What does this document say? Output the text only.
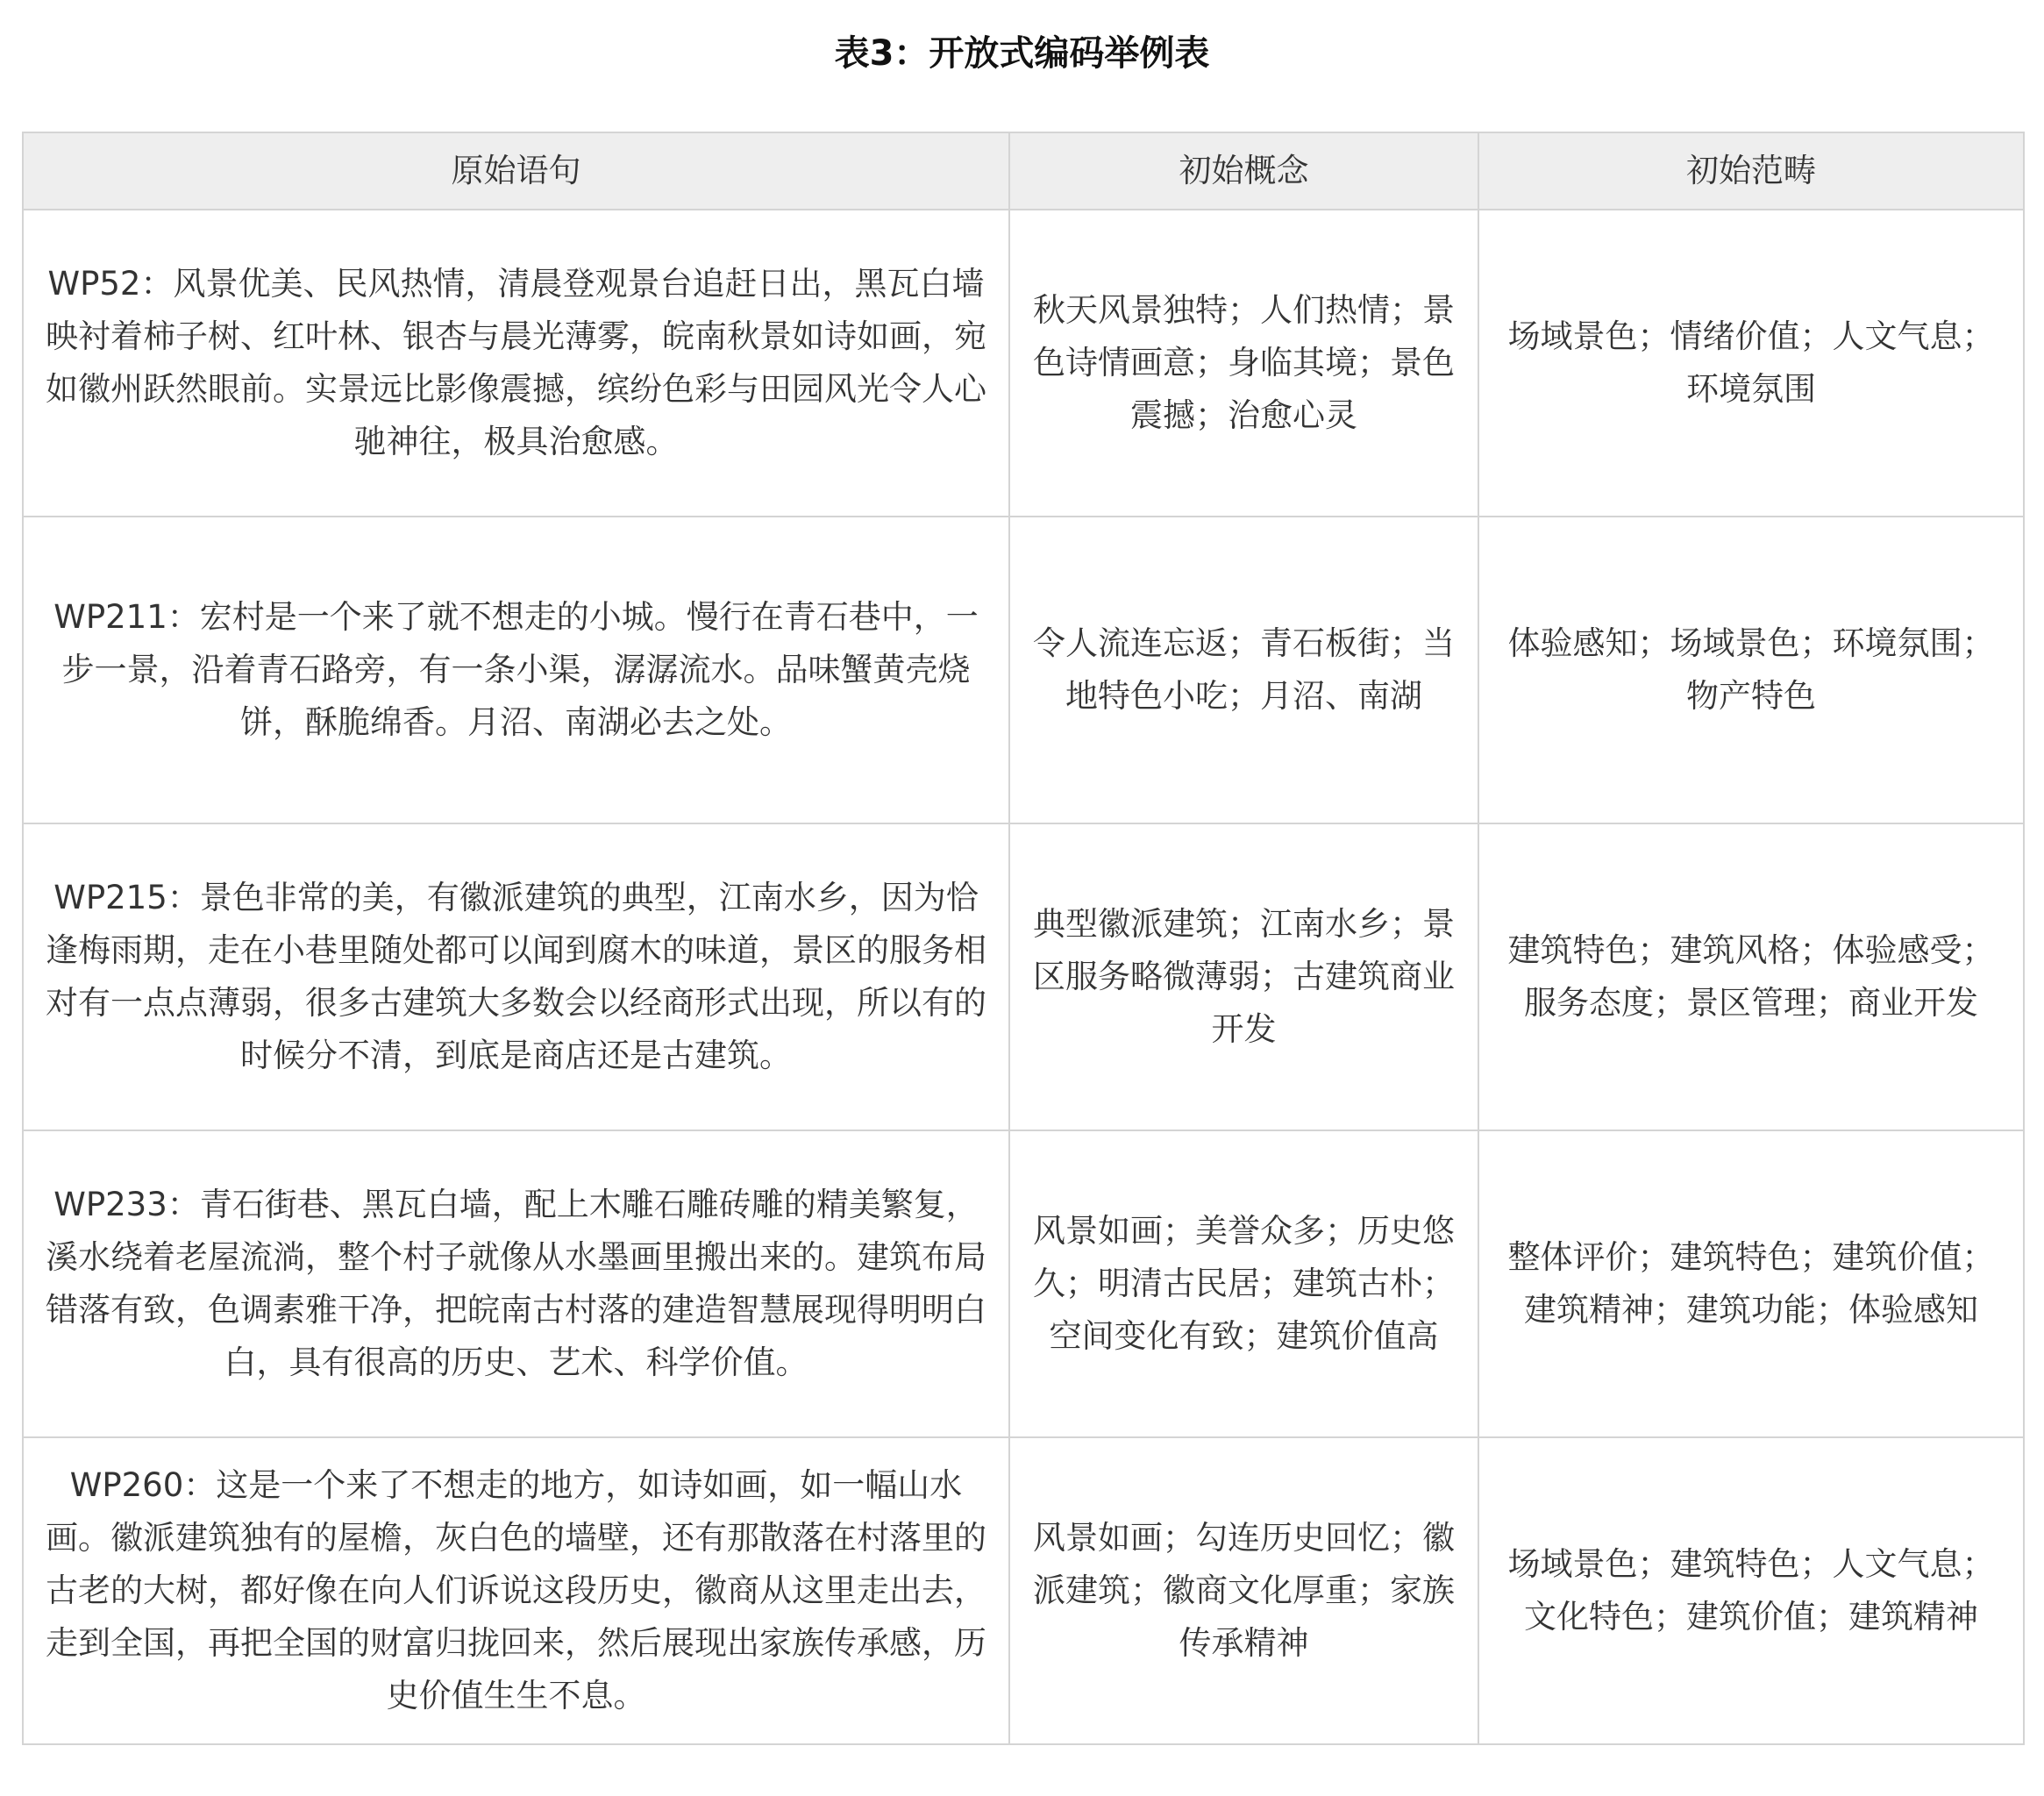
表3：开放式编码举例表
原始语句	初始概念	初始范畴
WP52：风景优美、民风热情，清晨登观景台追赶日出，黑瓦白墙映衬着柿子树、红叶林、银杏与晨光薄雾，皖南秋景如诗如画，宛如徽州跃然眼前。实景远比影像震撼，缤纷色彩与田园风光令人心驰神往，极具治愈感。	秋天风景独特；人们热情；景色诗情画意；身临其境；景色震撼；治愈心灵	场域景色；情绪价值；人文气息；环境氛围
WP211：宏村是一个来了就不想走的小城。慢行在青石巷中，一步一景，沿着青石路旁，有一条小渠，潺潺流水。品味蟹黄壳烧饼，酥脆绵香。月沼、南湖必去之处。	令人流连忘返；青石板街；当地特色小吃；月沼、南湖	体验感知；场域景色；环境氛围；物产特色
WP215：景色非常的美，有徽派建筑的典型，江南水乡，因为恰逢梅雨期，走在小巷里随处都可以闻到腐木的味道，景区的服务相对有一点点薄弱，很多古建筑大多数会以经商形式出现，所以有的时候分不清，到底是商店还是古建筑。	典型徽派建筑；江南水乡；景区服务略微薄弱；古建筑商业开发	建筑特色；建筑风格；体验感受；服务态度；景区管理；商业开发
WP233：青石街巷、黑瓦白墙，配上木雕石雕砖雕的精美繁复，溪水绕着老屋流淌，整个村子就像从水墨画里搬出来的。建筑布局错落有致，色调素雅干净，把皖南古村落的建造智慧展现得明明白白，具有很高的历史、艺术、科学价值。	风景如画；美誉众多；历史悠久；明清古民居；建筑古朴；空间变化有致；建筑价值高	整体评价；建筑特色；建筑价值；建筑精神；建筑功能；体验感知
WP260：这是一个来了不想走的地方，如诗如画，如一幅山水画。徽派建筑独有的屋檐，灰白色的墙壁，还有那散落在村落里的古老的大树，都好像在向人们诉说这段历史，徽商从这里走出去，走到全国，再把全国的财富归拢回来，然后展现出家族传承感，历史价值生生不息。	风景如画；勾连历史回忆；徽派建筑；徽商文化厚重；家族传承精神	场域景色；建筑特色；人文气息；文化特色；建筑价值；建筑精神
